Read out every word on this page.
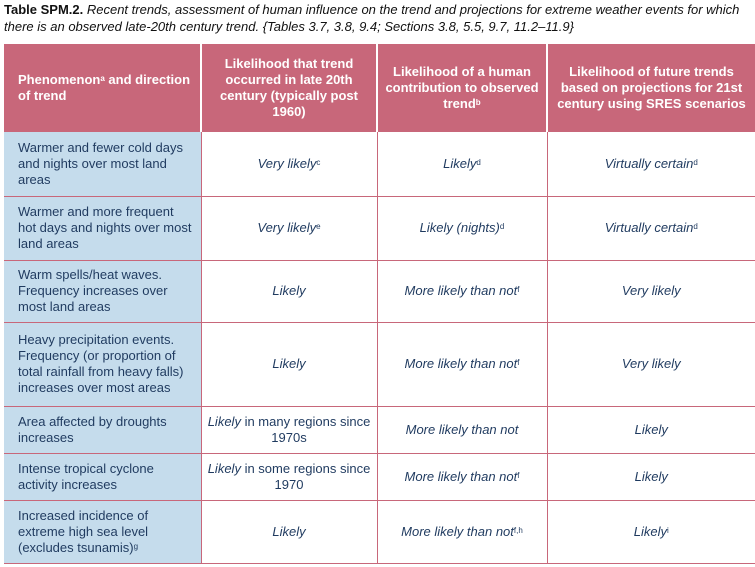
Table SPM.2. Recent trends, assessment of human influence on the trend and projections for extreme weather events for which there is an observed late-20th century trend. {Tables 3.7, 3.8, 9.4; Sections 3.8, 5.5, 9.7, 11.2–11.9}
Phenomenon$^a$ and direction of trend	Likelihood that trend occurred in late 20th century (typically post 1960)	Likelihood of a human contribution to observed trend$^b$	Likelihood of future trends based on projections for 21st century using SRES scenarios
Warmer and fewer cold days and nights over most land areas	Very likely$^c$	Likely$^d$	Virtually certain$^d$
Warmer and more frequent hot days and nights over most land areas	Very likely$^e$	Likely (nights)$^d$	Virtually certain$^d$
Warm spells/heat waves. Frequency increases over most land areas	Likely	More likely than not$^f$	Very likely
Heavy precipitation events. Frequency (or proportion of total rainfall from heavy falls) increases over most areas	Likely	More likely than not$^f$	Very likely
Area affected by droughts increases	Likely in many regions since 1970s	More likely than not	Likely
Intense tropical cyclone activity increases	Likely in some regions since 1970	More likely than not$^f$	Likely
Increased incidence of extreme high sea level (excludes tsunamis)$^g$	Likely	More likely than not$^{f,h}$	Likely$^i$
